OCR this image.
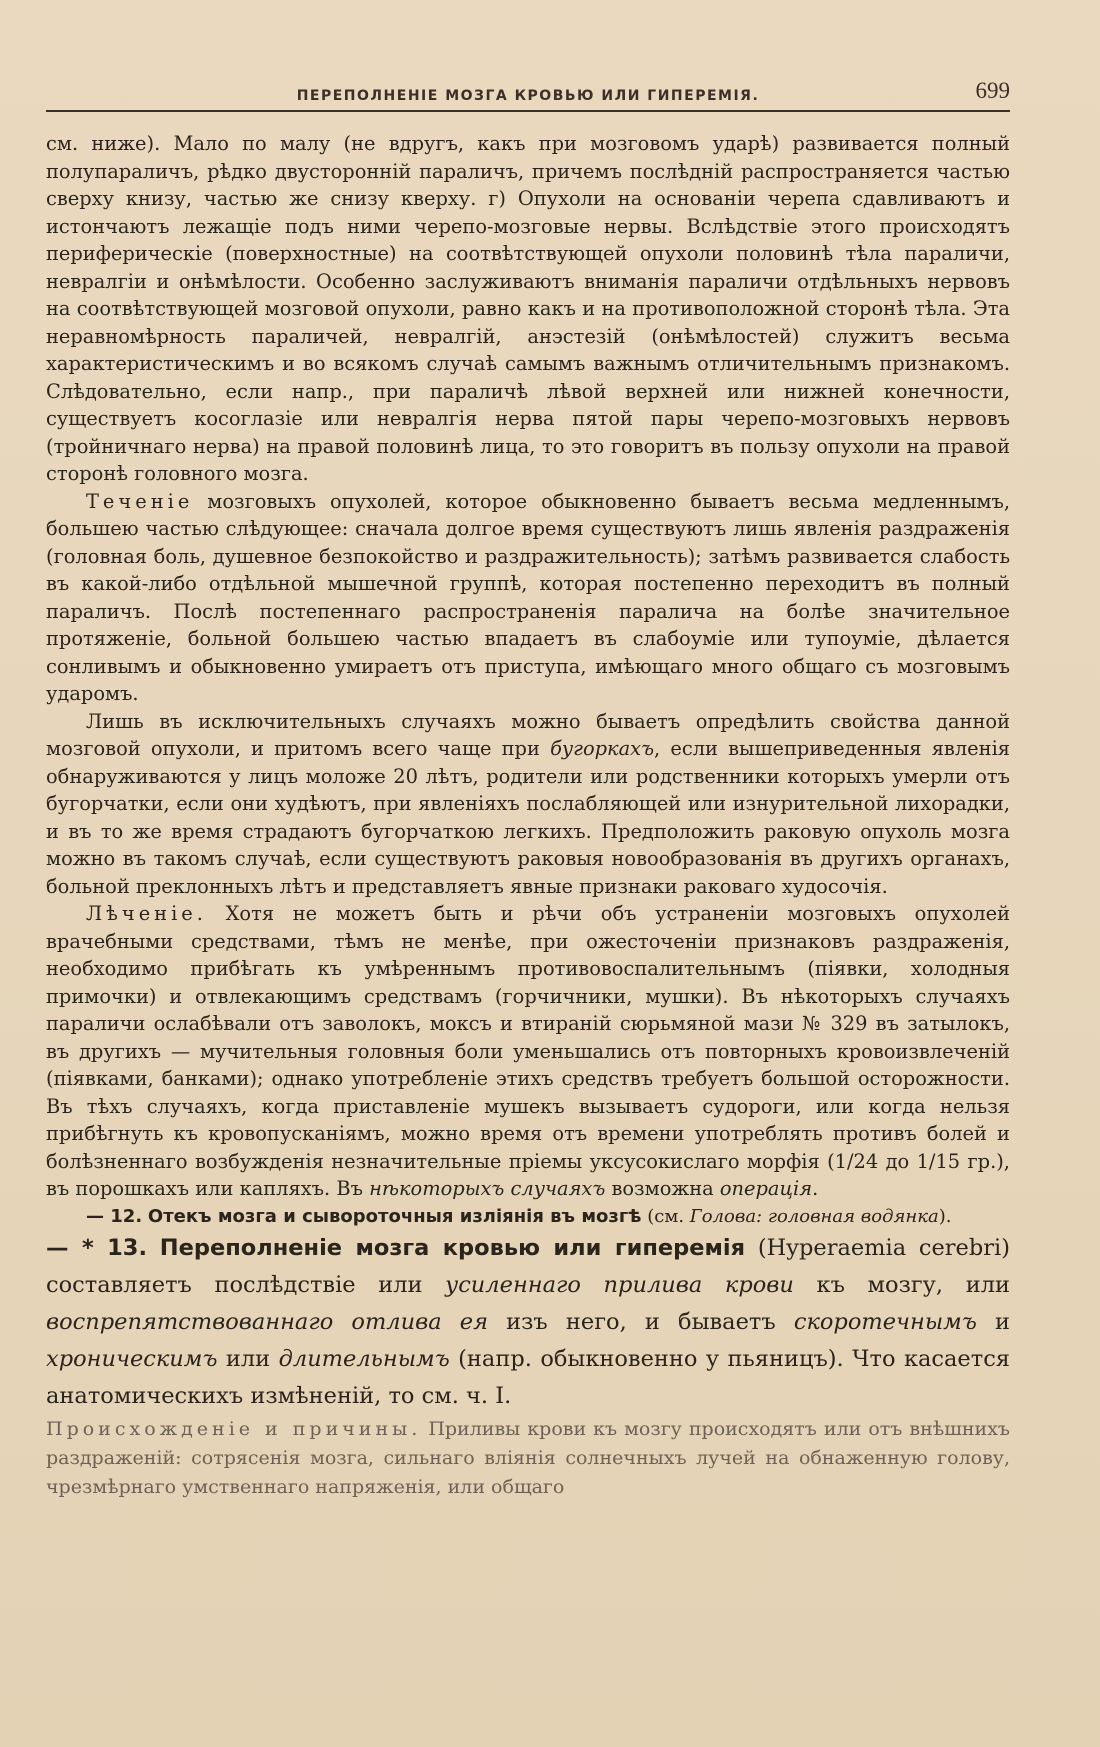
ПЕРЕПОЛНЕНІЕ МОЗГА КРОВЬЮ ИЛИ ГИПЕРЕМІЯ.	699

см. ниже). Мало по малу (не вдругъ, какъ при мозговомъ ударѣ) развивается полный полупараличъ, рѣдко двусторонній параличъ, причемъ послѣдній распространяется частью сверху книзу, частью же снизу кверху. г) Опухоли на основаніи черепа сдавливаютъ и истончаютъ лежащіе подъ ними черепо-мозговые нервы. Вслѣдствіе этого происходятъ периферическіе (поверхностные) на соотвѣтствующей опухоли половинѣ тѣла параличи, невралгіи и онѣмѣлости. Особенно заслуживаютъ вниманія параличи отдѣльныхъ нервовъ на соотвѣтствующей мозговой опухоли, равно какъ и на противоположной сторонѣ тѣла. Эта неравномѣрность параличей, невралгій, анэстезій (онѣмѣлостей) служитъ весьма характеристическимъ и во всякомъ случаѣ самымъ важнымъ отличительнымъ признакомъ. Слѣдовательно, если напр., при параличѣ лѣвой верхней или нижней конечности, существуетъ косоглазіе или невралгія нерва пятой пары черепо-мозговыхъ нервовъ (тройничнаго нерва) на правой половинѣ лица, то это говоритъ въ пользу опухоли на правой сторонѣ головного мозга.

Теченіе мозговыхъ опухолей, которое обыкновенно бываетъ весьма медленнымъ, большею частью слѣдующее: сначала долгое время существуютъ лишь явленія раздраженія (головная боль, душевное безпокойство и раздражительность); затѣмъ развивается слабость въ какой-либо отдѣльной мышечной группѣ, которая постепенно переходитъ въ полный параличъ. Послѣ постепеннаго распространенія паралича на болѣе значительное протяженіе, больной большею частью впадаетъ въ слабоуміе или тупоуміе, дѣлается сонливымъ и обыкновенно умираетъ отъ приступа, имѣющаго много общаго съ мозговымъ ударомъ.

Лишь въ исключительныхъ случаяхъ можно бываетъ опредѣлить свойства данной мозговой опухоли, и притомъ всего чаще при бугоркахъ, если вышеприведенныя явленія обнаруживаются у лицъ моложе 20 лѣтъ, родители или родственники которыхъ умерли отъ бугорчатки, если они худѣютъ, при явленіяхъ послабляющей или изнурительной лихорадки, и въ то же время страдаютъ бугорчаткою легкихъ. Предположить раковую опухоль мозга можно въ такомъ случаѣ, если существуютъ раковыя новообразованія въ другихъ органахъ, больной преклонныхъ лѣтъ и представляетъ явные признаки раковаго худосочія.

Лѣченіе. Хотя не можетъ быть и рѣчи объ устраненіи мозговыхъ опухолей врачебными средствами, тѣмъ не менѣе, при ожесточеніи признаковъ раздраженія, необходимо прибѣгать къ умѣреннымъ противовоспалительнымъ (піявки, холодныя примочки) и отвлекающимъ средствамъ (горчичники, мушки). Въ нѣкоторыхъ случаяхъ параличи ослабѣвали отъ заволокъ, моксъ и втираній сюрьмяной мази № 329 въ затылокъ, въ другихъ — мучительныя головныя боли уменьшались отъ повторныхъ кровоизвлеченій (піявками, банками); однако употребленіе этихъ средствъ требуетъ большой осторожности. Въ тѣхъ случаяхъ, когда приставленіе мушекъ вызываетъ судороги, или когда нельзя прибѣгнуть къ кровопусканіямъ, можно время отъ времени употреблять противъ болей и болѣзненнаго возбужденія незначительные пріемы уксусокислаго морфія (1/24 до 1/15 гр.), въ порошкахъ или капляхъ. Въ нѣкоторыхъ случаяхъ возможна операція.

— 12. Отекъ мозга и сывороточныя изліянія въ мозгѣ (см. Голова: головная водянка).

— * 13. Переполненіе мозга кровью или гиперемія (Hyperaemia cerebri) составляетъ послѣдствіе или усиленнаго прилива крови къ мозгу, или воспрепятствованнаго отлива ея изъ него, и бываетъ скоротечнымъ и хроническимъ или длительнымъ (напр. обыкновенно у пьяницъ). Что касается анатомическихъ измѣненій, то см. ч. I.

Происхожденіе и причины. Приливы крови къ мозгу происходятъ или отъ внѣшнихъ раздраженій: сотрясенія мозга, сильнаго вліянія солнечныхъ лучей на обнаженную голову, чрезмѣрнаго умственнаго напряженія, или общаго
